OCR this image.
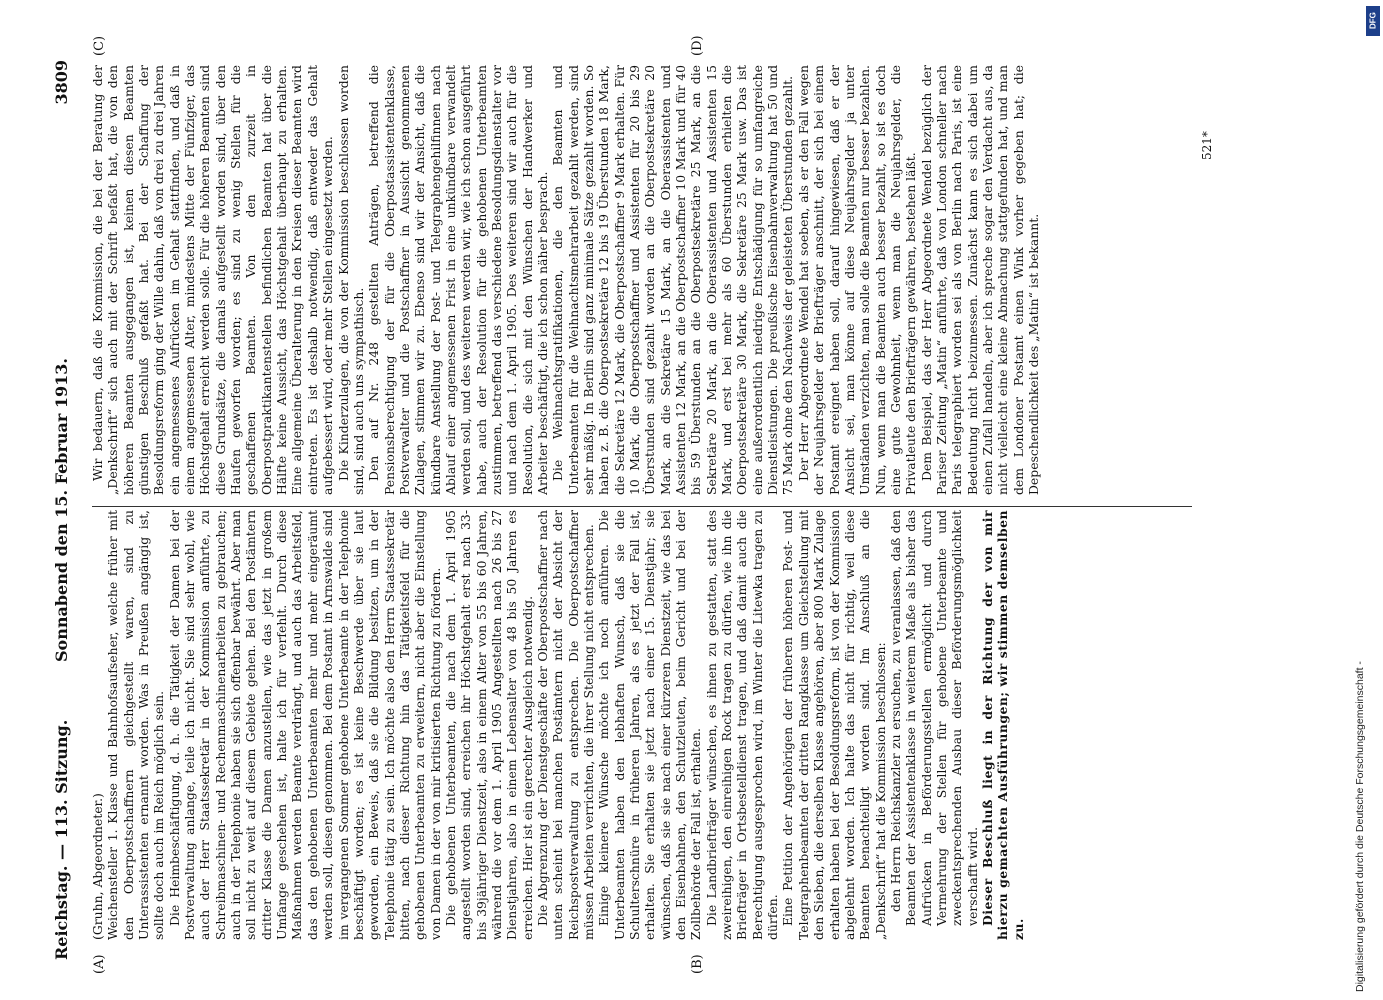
Reichstag. — 113. Sitzung.
Sonnabend den 15. Februar 1913.
3809
(A)	(B)
(C)	(D)

(Gruhn, Abgeordneter.) Weichensteller 1. Klasse und Bahnhofsaufseher, welche früher mit den Oberpostschaffnern gleichgestellt waren, sind zu Unterassistenten ernannt worden. Was in Preußen angängig ist, sollte doch auch im Reich möglich sein. Die Heimbeschäftigung, d. h. die Tätigkeit der Damen bei der Postverwaltung anlange, teile ich nicht. Sie sind sehr wohl, wie auch der Herr Staatssekretär in der Kommission anführte, zu Schreibmaschinen- und Rechenmaschinenarbeiten zu gebrauchen; auch in der Telephonie haben sie sich offenbar bewährt. Aber man soll nicht zu weit auf diesem Gebiete gehen. Bei den Postämtern dritter Klasse die Damen anzustellen, wie das jetzt in großem Umfange geschehen ist, halte ich für verfehlt. Durch diese Maßnahmen werden Beamte verdrängt, und auch das Arbeitsfeld, das den gehobenen Unterbeamten mehr und mehr eingeräumt werden soll, diesen genommen. Bei dem Postamt in Arnswalde sind im vergangenen Sommer gehobene Unterbeamte in der Telephonie beschäftigt worden; es ist keine Beschwerde über sie laut geworden, ein Beweis, daß sie die Bildung besitzen, um in der Telephonie tätig zu sein. Ich möchte also den Herrn Staatssekretär bitten, nach dieser Richtung hin das Tätigkeitsfeld für die gehobenen Unterbeamten zu erweitern, nicht aber die Einstellung von Damen in der von mir kritisierten Richtung zu fördern. Die gehobenen Unterbeamten, die nach dem 1. April 1905 angestellt worden sind, erreichen ihr Höchstgehalt erst nach 33- bis 39jähriger Dienstzeit, also in einem Alter von 55 bis 60 Jahren, während die vor dem 1. April 1905 Angestellten nach 26 bis 27 Dienstjahren, also in einem Lebensalter von 48 bis 50 Jahren es erreichen. Hier ist ein gerechter Ausgleich notwendig. Die Abgrenzung der Dienstgeschäfte der Oberpostschaffner nach unten scheint bei manchen Postämtern nicht der Absicht der Reichspostverwaltung zu entsprechen. Die Oberpostschaffner müssen Arbeiten verrichten, die ihrer Stellung nicht entsprechen. Einige kleinere Wünsche möchte ich noch anführen. Die Unterbeamten haben den lebhaften Wunsch, daß sie die Schulterschnüre in früheren Jahren, als es jetzt der Fall ist, erhalten. Sie erhalten sie jetzt nach einer 15. Dienstjahr; sie wünschen, daß sie sie nach einer kürzeren Dienstzeit, wie das bei den Eisenbahnen, den Schutzleuten, beim Gericht und bei der Zollbehörde der Fall ist, erhalten. Die Landbriefträger wünschen, es ihnen zu gestatten, statt des zweireihigen, den einreihigen Rock tragen zu dürfen, wie ihn die Briefträger in Ortsbestelldienst tragen, und daß damit auch die Berechtigung ausgesprochen wird, im Winter die Litewka tragen zu dürfen. Eine Petition der Angehörigen der früheren höheren Post- und Telegraphenbeamten der dritten Rangklasse um Gleichstellung mit den Sieben, die derselben Klasse angehören, aber 800 Mark Zulage erhalten haben bei der Besoldungsreform, ist von der Kommission abgelehnt worden. Ich halte das nicht für richtig, weil diese Beamten benachteiligt worden sind. Im Anschluß an die „Denkschrift“ hat die Kommission beschlossen: den Herrn Reichskanzler zu ersuchen, zu veranlassen, daß den Beamten der Assistentenklasse in weiterem Maße als bisher das Aufrücken in Beförderungsstellen ermöglicht und durch Vermehrung der Stellen für gehobene Unterbeamte und zweckentsprechenden Ausbau dieser Beförderungsmöglichkeit verschafft wird. Dieser Beschluß liegt in der Richtung der von mir hierzu gemachten Ausführungen; wir stimmen demselben zu.

Wir bedauern, daß die Kommission, die bei der Beratung der „Denkschrift“ sich auch mit der Schrift befaßt hat, die von den höheren Beamten ausgegangen ist, keinen diesen Beamten günstigen Beschluß gefaßt hat. Bei der Schaffung der Besoldungsreform ging der Wille dahin, daß von drei zu drei Jahren ein angemessenes Aufrücken im Gehalt stattfinden, und daß in einem angemessenen Alter, mindestens Mitte der Fünfziger, das Höchstgehalt erreicht werden solle. Für die höheren Beamten sind diese Grundsätze, die damals aufgestellt worden sind, über den Haufen geworfen worden; es sind zu wenig Stellen für die geschaffenen Beamten. Von den zurzeit in Oberpostpraktikantenstellen befindlichen Beamten hat über die Hälfte keine Aussicht, das Höchstgehalt überhaupt zu erhalten. Eine allgemeine Überalterung in den Kreisen dieser Beamten wird eintreten. Es ist deshalb notwendig, daß entweder das Gehalt aufgebessert wird, oder mehr Stellen eingesetzt werden. Die Kinderzulagen, die von der Kommission beschlossen worden sind, sind auch uns sympathisch. Den auf Nr. 248 gestellten Anträgen, betreffend die Pensionsberechtigung der für die Oberpostassistentenklasse, Postverwalter und die Postschaffner in Aussicht genommenen Zulagen, stimmen wir zu. Ebenso sind wir der Ansicht, daß die kündbare Anstellung der Post- und Telegraphengehilfinnen nach Ablauf einer angemessenen Frist in eine unkündbare verwandelt werden soll, und des weiteren werden wir, wie ich schon ausgeführt habe, auch der Resolution für die gehobenen Unterbeamten zustimmen, betreffend das verschiedene Besoldungsdienstalter vor und nach dem 1. April 1905. Des weiteren sind wir auch für die Resolution, die sich mit den Wünschen der Handwerker und Arbeiter beschäftigt, die ich schon näher besprach. Die Weihnachtsgratifikationen, die den Beamten und Unterbeamten für die Weihnachtsmehrarbeit gezahlt werden, sind sehr mäßig. In Berlin sind ganz minimale Sätze gezahlt worden. So haben z. B. die Oberpostsekretäre 12 bis 19 Überstunden 18 Mark, die Sekretäre 12 Mark, die Oberpostschaffner 9 Mark erhalten. Für 10 Mark, die Oberpostschaffner und Assistenten für 20 bis 29 Überstunden sind gezahlt worden an die Oberpostsekretäre 20 Mark, an die Sekretäre 15 Mark, an die Oberassistenten und Assistenten 12 Mark, an die Oberpostschaffner 10 Mark und für 40 bis 59 Überstunden an die Oberpostsekretäre 25 Mark, an die Sekretäre 20 Mark, an die Oberassistenten und Assistenten 15 Mark, und erst bei mehr als 60 Überstunden erhielten die Oberpostsekretäre 30 Mark, die Sekretäre 25 Mark usw. Das ist eine außerordentlich niedrige Entschädigung für so umfangreiche Dienstleistungen. Die preußische Eisenbahnverwaltung hat 50 und 75 Mark ohne den Nachweis der geleisteten Überstunden gezahlt. Der Herr Abgeordnete Wendel hat soeben, als er den Fall wegen der Neujahrsgelder der Briefträger anschnitt, der sich bei einem Postamt ereignet haben soll, darauf hingewiesen, daß er der Ansicht sei, man könne auf diese Neujahrsgelder ja unter Umständen verzichten, man solle die Beamten nur besser bezahlen. Nun, wenn man die Beamten auch besser bezahlt, so ist es doch eine gute Gewohnheit, wenn man die Neujahrsgelder, die Privatleute den Briefträgern gewähren, bestehen läßt. Dem Beispiel, das der Herr Abgeordnete Wendel bezüglich der Pariser Zeitung „Matin“ anführte, daß von London schneller nach Paris telegraphiert worden sei als von Berlin nach Paris, ist eine Bedeutung nicht beizumessen. Zunächst kann es sich dabei um einen Zufall handeln, aber ich spreche sogar den Verdacht aus, da nicht vielleicht eine kleine Abmachung stattgefunden hat, und man dem Londoner Postamt einen Wink vorher gegeben hat; die Depeschendlichkeit des „Matin“ ist bekannt.

521*
Digitalisierung gefördert durch die Deutsche Forschungsgemeinschaft -
DFG
